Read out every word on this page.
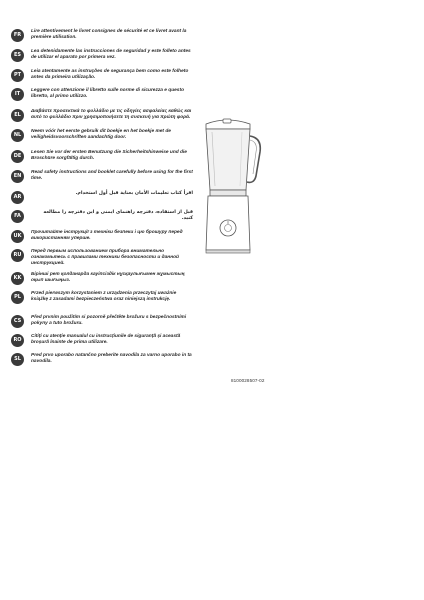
FR
Lire attentivement le livret consignes de sécurité et ce livret avant la première utilisation.
ES
Lea detenidamente las instrucciones de seguridad y este folleto antes de utilizar el aparato por primera vez.
PT
Leia atentamente as instruções de segurança bem como este folheto antes da primeira utilização.
IT
Leggere con attenzione il libretto sulle norme di sicurezza e questo libretto, al primo utilizzo.
EL
Διαβάστε προσεκτικά το φυλλάδιο με τις οδηγίες ασφαλείας καθώς και αυτό το φυλλάδιο πριν χρησιμοποιήσετε τη συσκευή για πρώτη φορά.
NL
Neem vóór het eerste gebruik dit boekje en het boekje met de veiligheidsvoorschriften aandachtig door.
DE
Lesen Sie vor der ersten Benutzung die Sicherheitshinweise und die Broschüre sorgfältig durch.
EN
Read safety instructions and booklet carefully before using for the first time.
AR
اقرأ كتاب تعليمات الأمان بعناية قبل أول استخدام.
FA
قبل از استفاده، دفترچه راهنمای ایمنی و این دفترچه را مطالعه کنید.
UK
Прочитайте інструкції з техніки безпеки і цю брошуру перед використанням уперше.
RU
Перед первым использованием прибора внимательно ознакомьтесь с правилами техники безопасности и данной инструкцией.
KK
Бірінші рет қолданарда кауіпсіздік нұсқаулығымен жұмыстың оқып шығыңыз.
PL
Przed pierwszym korzystaniem z urządzenia przeczytaj uważnie książkę z zasadami bezpieczeństwa oraz niniejszą instrukcję.
CS
Před prvním použitím si pozorně přečtěte brožuru s bezpečnostními pokyny a tuto brožuru.
RO
Citiți cu atenție manualul cu instrucțiunile de siguranță și această broșură înainte de prima utilizare.
SL
Pred prvo uporabo natančno preberite navodila za varno uporabo in ta navodila.
8100028507-02
